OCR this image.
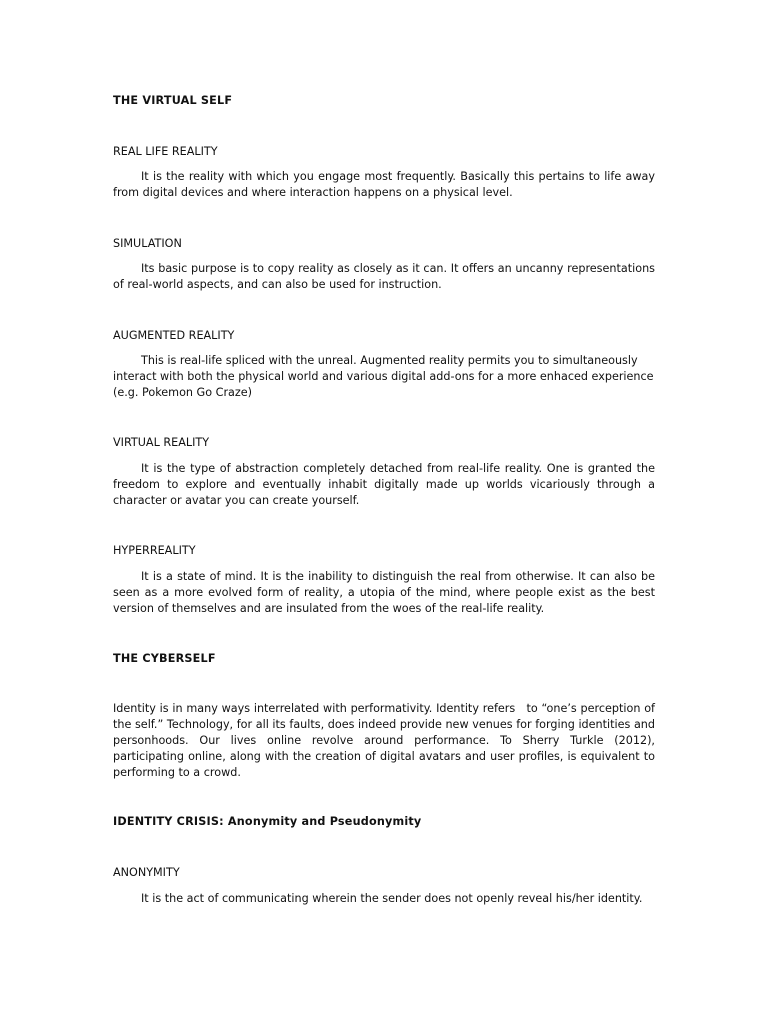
THE VIRTUAL SELF

REAL LIFE REALITY

It is the reality with which you engage most frequently. Basically this pertains to life away from digital devices and where interaction happens on a physical level.

SIMULATION

Its basic purpose is to copy reality as closely as it can. It offers an uncanny representations of real-world aspects, and can also be used for instruction.

AUGMENTED REALITY

This is real-life spliced with the unreal. Augmented reality permits you to simultaneously interact with both the physical world and various digital add-ons for a more enhaced experience (e.g. Pokemon Go Craze)

VIRTUAL REALITY

It is the type of abstraction completely detached from real-life reality. One is granted the freedom to explore and eventually inhabit digitally made up worlds vicariously through a character or avatar you can create yourself.

HYPERREALITY

It is a state of mind. It is the inability to distinguish the real from otherwise. It can also be seen as a more evolved form of reality, a utopia of the mind, where people exist as the best version of themselves and are insulated from the woes of the real-life reality.

THE CYBERSELF

Identity is in many ways interrelated with performativity. Identity refers   to “one’s perception of the self.” Technology, for all its faults, does indeed provide new venues for forging identities and personhoods. Our lives online revolve around performance. To Sherry Turkle (2012), participating online, along with the creation of digital avatars and user profiles, is equivalent to performing to a crowd.

IDENTITY CRISIS: Anonymity and Pseudonymity

ANONYMITY

It is the act of communicating wherein the sender does not openly reveal his/her identity.
